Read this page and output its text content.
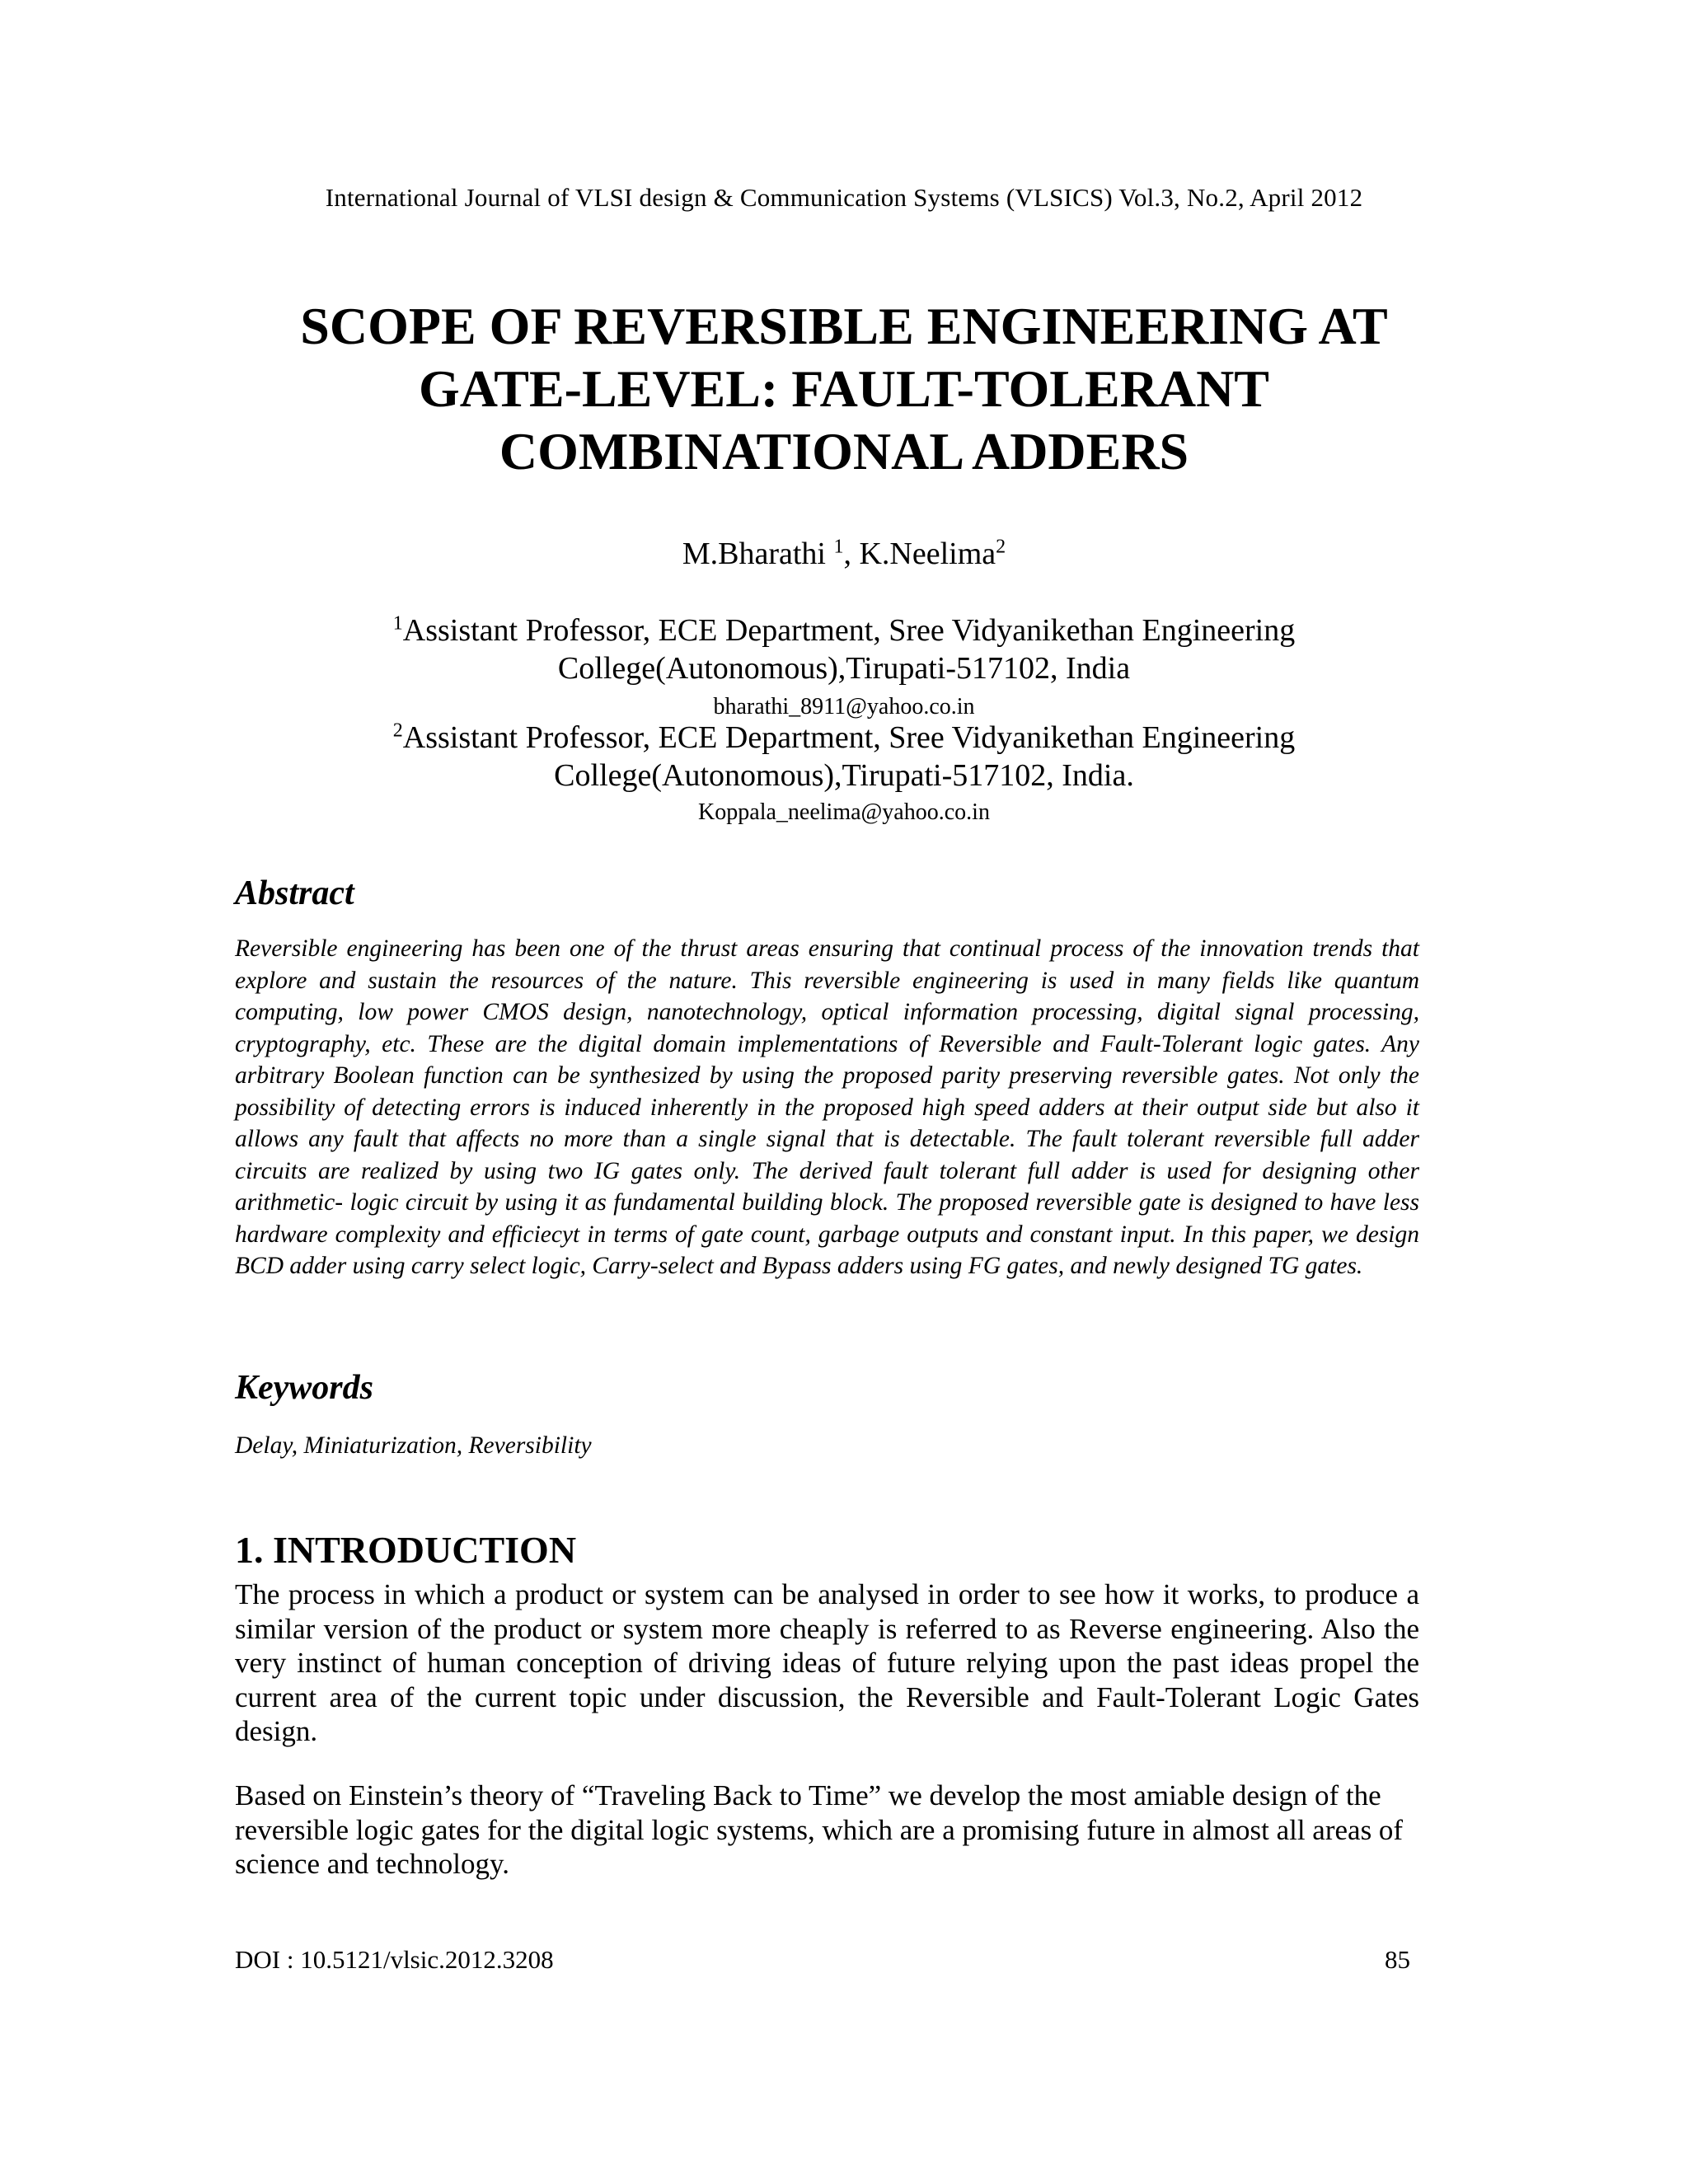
International Journal of VLSI design & Communication Systems (VLSICS) Vol.3, No.2, April 2012
SCOPE OF REVERSIBLE ENGINEERING AT
GATE-LEVEL: FAULT-TOLERANT
COMBINATIONAL ADDERS
M.Bharathi $^1$, K.Neelima$^2$
$^1$Assistant Professor, ECE Department, Sree Vidyanikethan Engineering
College(Autonomous),Tirupati-517102, India
bharathi_8911@yahoo.co.in
$^2$Assistant Professor, ECE Department, Sree Vidyanikethan Engineering
College(Autonomous),Tirupati-517102, India.
Koppala_neelima@yahoo.co.in
Abstract

Reversible engineering has been one of the thrust areas ensuring that continual process of the innovation trends that explore and sustain the resources of the nature. This reversible engineering is used in many fields like quantum computing, low power CMOS design, nanotechnology, optical information processing, digital signal processing, cryptography, etc. These are the digital domain implementations of Reversible and Fault-Tolerant logic gates. Any arbitrary Boolean function can be synthesized by using the proposed parity preserving reversible gates. Not only the possibility of detecting errors is induced inherently in the proposed high speed adders at their output side but also it allows any fault that affects no more than a single signal that is detectable. The fault tolerant reversible full adder circuits are realized by using two IG gates only. The derived fault tolerant full adder is used for designing other arithmetic- logic circuit by using it as fundamental building block. The proposed reversible gate is designed to have less hardware complexity and efficiecyt in terms of gate count, garbage outputs and constant input. In this paper, we design BCD adder using carry select logic, Carry-select and Bypass adders using FG gates, and newly designed TG gates.

Keywords
Delay, Miniaturization, Reversibility
1. INTRODUCTION

The process in which a product or system can be analysed in order to see how it works, to produce a similar version of the product or system more cheaply is referred to as Reverse engineering. Also the very instinct of human conception of driving ideas of future relying upon the past ideas propel the current area of the current topic under discussion, the Reversible and Fault-Tolerant Logic Gates design.

Based on Einstein’s theory of “Traveling Back to Time” we develop the most amiable design of the reversible logic gates for the digital logic systems, which are a promising future in almost all areas of science and technology.

DOI : 10.5121/vlsic.2012.3208	85
